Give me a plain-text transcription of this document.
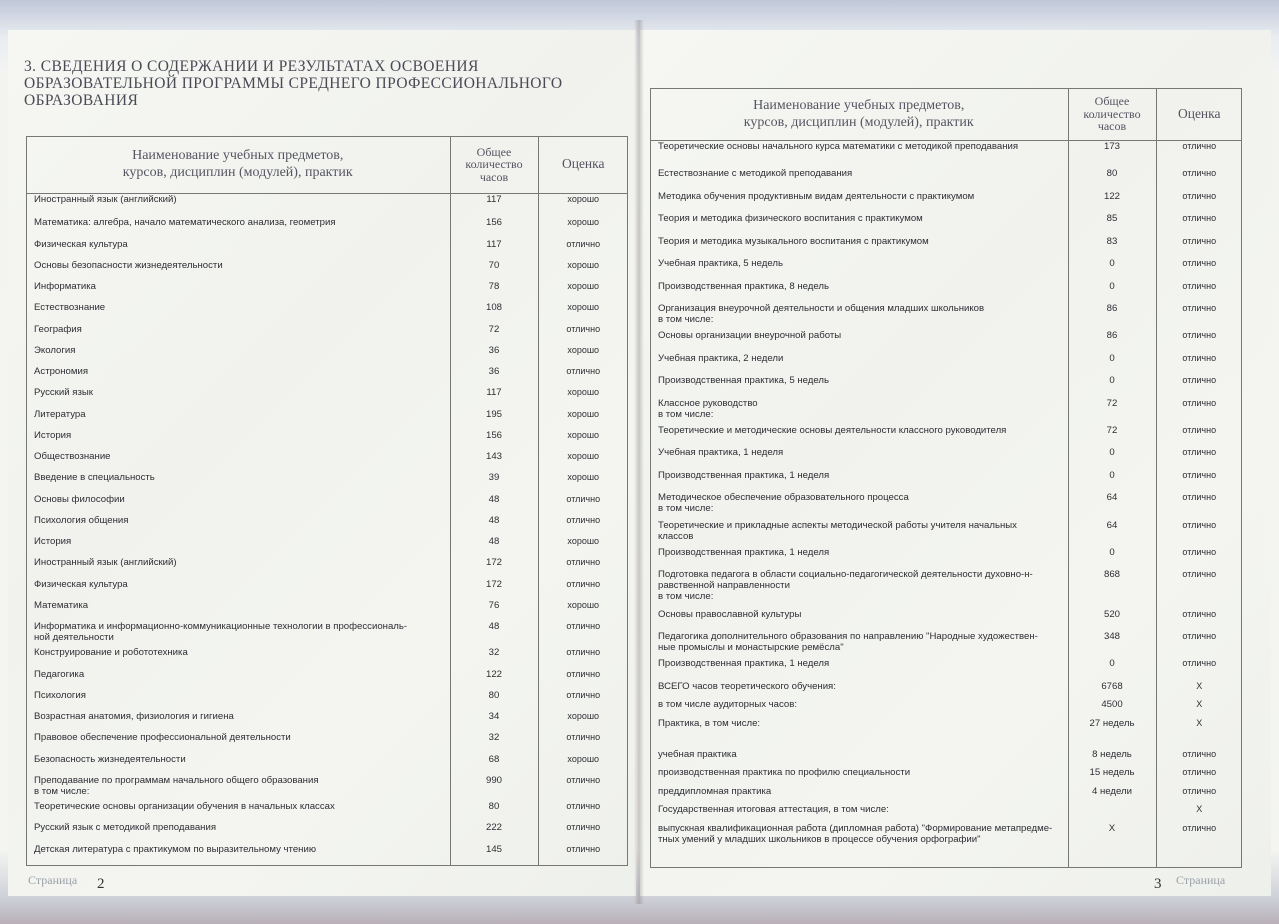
3. СВЕДЕНИЯ О СОДЕРЖАНИИ И РЕЗУЛЬТАТАХ ОСВОЕНИЯ ОБРАЗОВАТЕЛЬНОЙ ПРОГРАММЫ СРЕДНЕГО ПРОФЕССИОНАЛЬНОГО ОБРАЗОВАНИЯ
Наименование учебных предметов,
курсов, дисциплин (модулей), практик	Общее
количество
часов	Оценка

Иностранный язык (английский)	117	хорошо

Математика: алгебра, начало математического анализа, геометрия	156	хорошо

Физическая культура	117	отлично

Основы безопасности жизнедеятельности	70	хорошо

Информатика	78	хорошо

Естествознание	108	хорошо

География	72	отлично

Экология	36	хорошо

Астрономия	36	отлично

Русский язык	117	хорошо

Литература	195	хорошо

История	156	хорошо

Обществознание	143	хорошо

Введение в специальность	39	хорошо

Основы философии	48	отлично

Психология общения	48	отлично

История	48	хорошо

Иностранный язык (английский)	172	отлично

Физическая культура	172	отлично

Математика	76	хорошо

Информатика и информационно-коммуникационные технологии в профессиональ-
ной деятельности	48	отлично

Конструирование и робототехника	32	отлично

Педагогика	122	отлично

Психология	80	отлично

Возрастная анатомия, физиология и гигиена	34	хорошо

Правовое обеспечение профессиональной деятельности	32	отлично

Безопасность жизнедеятельности	68	хорошо

Преподавание по программам начального общего образования
в том числе:	990	отлично

Теоретические основы организации обучения в начальных классах	80	отлично

Русский язык с методикой преподавания	222	отлично

Детская литература с практикумом по выразительному чтению	145	отлично
Наименование учебных предметов,
курсов, дисциплин (модулей), практик	Общее
количество
часов	Оценка

Теоретические основы начального курса математики с методикой преподавания	173	отлично

Естествознание с методикой преподавания	80	отлично

Методика обучения продуктивным видам деятельности с практикумом	122	отлично

Теория и методика физического воспитания с практикумом	85	отлично

Теория и методика музыкального воспитания с практикумом	83	отлично

Учебная практика, 5 недель	0	отлично

Производственная практика, 8 недель	0	отлично

Организация внеурочной деятельности и общения младших школьников
в том числе:	86	отлично

Основы организации внеурочной работы	86	отлично

Учебная практика, 2 недели	0	отлично

Производственная практика, 5 недель	0	отлично

Классное руководство
в том числе:	72	отлично

Теоретические и методические основы деятельности классного руководителя	72	отлично

Учебная практика, 1 неделя	0	отлично

Производственная практика, 1 неделя	0	отлично

Методическое обеспечение образовательного процесса
в том числе:	64	отлично

Теоретические и прикладные аспекты методической работы учителя начальных
классов	64	отлично

Производственная практика, 1 неделя	0	отлично

Подготовка педагога в области социально-педагогической деятельности духовно-н-
равственной направленности
в том числе:	868	отлично

Основы православной культуры	520	отлично

Педагогика дополнительного образования по направлению "Народные художествен-
ные промыслы и монастырские ремёсла"	348	отлично

Производственная практика, 1 неделя	0	отлично

ВСЕГО часов теоретического обучения:	6768	Х

в том числе аудиторных часов:	4500	Х

Практика, в том числе:	27 недель	Х

учебная практика	8 недель	отлично

производственная практика по профилю специальности	15 недель	отлично

преддипломная практика	4 недели	отлично

Государственная итоговая аттестация, в том числе:		Х

выпускная квалификационная работа (дипломная работа) "Формирование метапредме-
тных умений у младших школьников в процессе обучения орфографии"	Х	отлично
Страница 2	3 Страница
